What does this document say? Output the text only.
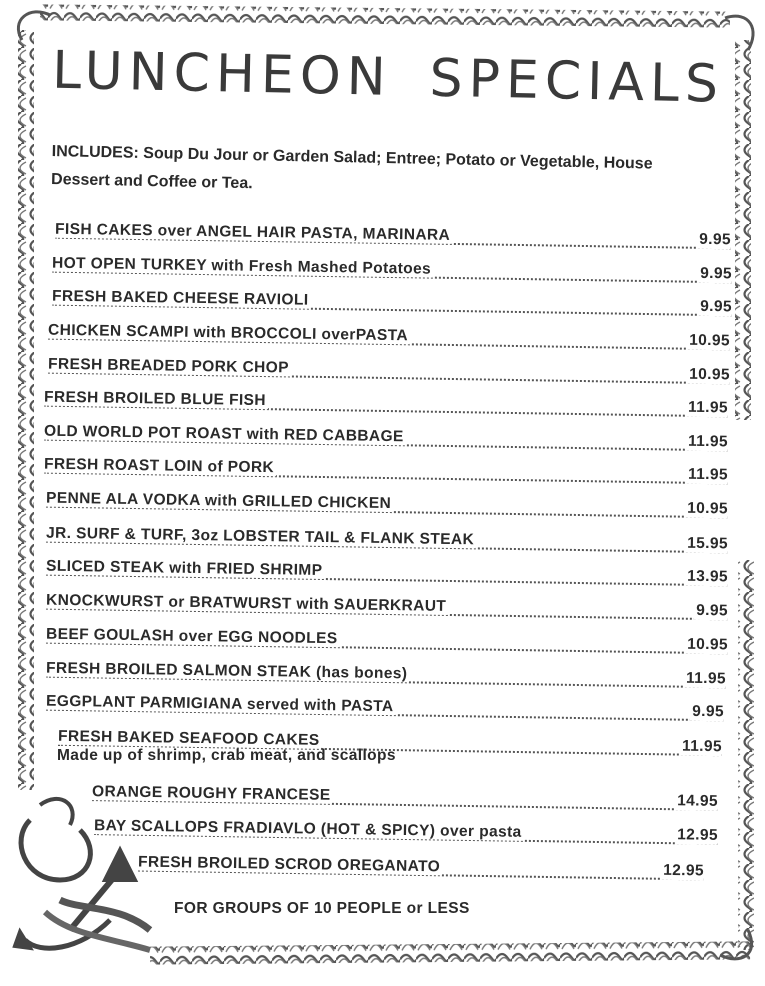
LUNCHEON SPECIALS
INCLUDES: Soup Du Jour or Garden Salad; Entree; Potato or Vegetable, House Dessert and Coffee or Tea.
FISH CAKES over ANGEL HAIR PASTA, MARINARA	9.95
HOT OPEN TURKEY with Fresh Mashed Potatoes	9.95
FRESH BAKED CHEESE RAVIOLI	9.95
CHICKEN SCAMPI with BROCCOLI overPASTA	10.95
FRESH BREADED PORK CHOP	10.95
FRESH BROILED BLUE FISH	11.95
OLD WORLD POT ROAST with RED CABBAGE	11.95
FRESH ROAST LOIN of PORK	11.95
PENNE ALA VODKA with GRILLED CHICKEN	10.95
JR. SURF & TURF, 3oz LOBSTER TAIL & FLANK STEAK	15.95
SLICED STEAK with FRIED SHRIMP	13.95
KNOCKWURST or BRATWURST with SAUERKRAUT	9.95
BEEF GOULASH over EGG NOODLES	10.95
FRESH BROILED SALMON STEAK (has bones)	11.95
EGGPLANT PARMIGIANA served with PASTA	9.95
FRESH BAKED SEAFOOD CAKES	11.95
Made up of shrimp, crab meat, and scallops
ORANGE ROUGHY FRANCESE	14.95
BAY SCALLOPS FRADIAVLO (HOT & SPICY) over pasta	12.95
FRESH BROILED SCROD OREGANATO	12.95
FOR GROUPS OF 10 PEOPLE or LESS
